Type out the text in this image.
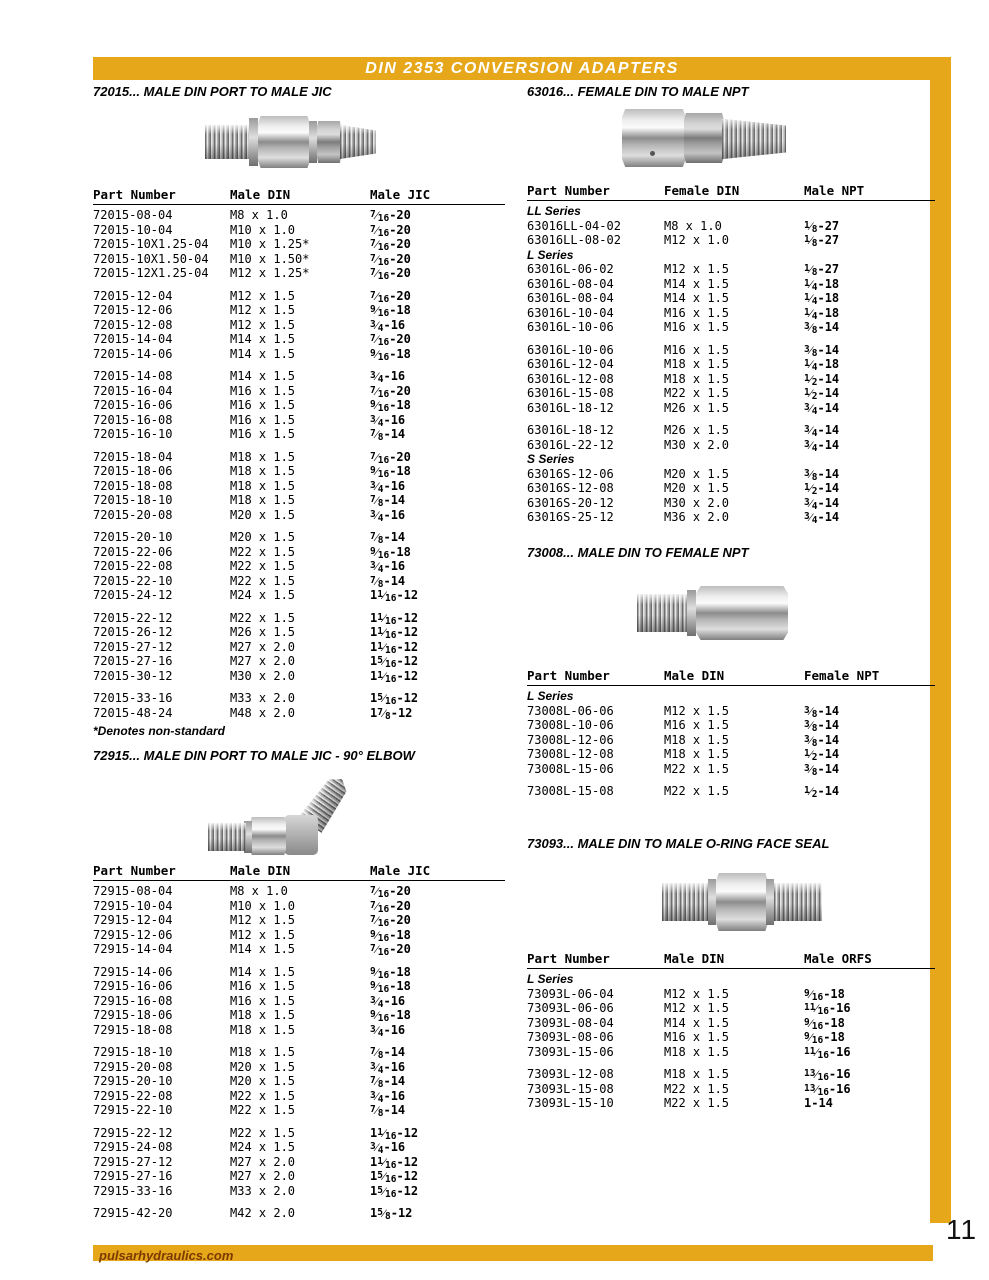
DIN 2353 CONVERSION ADAPTERS
72015... MALE DIN PORT TO MALE JIC
Part Number	Male DIN	Male JIC
72015-08-04	M8 x 1.0	$^7⁄_{16}-20$
72015-10-04	M10 x 1.0	$^7⁄_{16}-20$
72015-10X1.25-04	M10 x 1.25*	$^7⁄_{16}-20$
72015-10X1.50-04	M10 x 1.50*	$^7⁄_{16}-20$
72015-12X1.25-04	M12 x 1.25*	$^7⁄_{16}-20$
72015-12-04	M12 x 1.5	$^7⁄_{16}-20$
72015-12-06	M12 x 1.5	$^9⁄_{16}-18$
72015-12-08	M12 x 1.5	$^3⁄_4-16$
72015-14-04	M14 x 1.5	$^7⁄_{16}-20$
72015-14-06	M14 x 1.5	$^9⁄_{16}-18$
72015-14-08	M14 x 1.5	$^3⁄_4-16$
72015-16-04	M16 x 1.5	$^7⁄_{16}-20$
72015-16-06	M16 x 1.5	$^9⁄_{16}-18$
72015-16-08	M16 x 1.5	$^3⁄_4-16$
72015-16-10	M16 x 1.5	$^7⁄_8-14$
72015-18-04	M18 x 1.5	$^7⁄_{16}-20$
72015-18-06	M18 x 1.5	$^9⁄_{16}-18$
72015-18-08	M18 x 1.5	$^3⁄_4-16$
72015-18-10	M18 x 1.5	$^7⁄_8-14$
72015-20-08	M20 x 1.5	$^3⁄_4-16$
72015-20-10	M20 x 1.5	$^7⁄_8-14$
72015-22-06	M22 x 1.5	$^9⁄_{16}-18$
72015-22-08	M22 x 1.5	$^3⁄_4-16$
72015-22-10	M22 x 1.5	$^7⁄_8-14$
72015-24-12	M24 x 1.5	$1^1⁄_{16}-12$
72015-22-12	M22 x 1.5	$1^1⁄_{16}-12$
72015-26-12	M26 x 1.5	$1^1⁄_{16}-12$
72015-27-12	M27 x 2.0	$1^1⁄_{16}-12$
72015-27-16	M27 x 2.0	$1^5⁄_{16}-12$
72015-30-12	M30 x 2.0	$1^1⁄_{16}-12$
72015-33-16	M33 x 2.0	$1^5⁄_{16}-12$
72015-48-24	M48 x 2.0	$1^7⁄_8-12$
*Denotes non-standard
72915... MALE DIN PORT TO MALE JIC - 90° ELBOW
Part Number	Male DIN	Male JIC
72915-08-04	M8 x 1.0	$^7⁄_{16}-20$
72915-10-04	M10 x 1.0	$^7⁄_{16}-20$
72915-12-04	M12 x 1.5	$^7⁄_{16}-20$
72915-12-06	M12 x 1.5	$^9⁄_{16}-18$
72915-14-04	M14 x 1.5	$^7⁄_{16}-20$
72915-14-06	M14 x 1.5	$^9⁄_{16}-18$
72915-16-06	M16 x 1.5	$^9⁄_{16}-18$
72915-16-08	M16 x 1.5	$^3⁄_4-16$
72915-18-06	M18 x 1.5	$^9⁄_{16}-18$
72915-18-08	M18 x 1.5	$^3⁄_4-16$
72915-18-10	M18 x 1.5	$^7⁄_8-14$
72915-20-08	M20 x 1.5	$^3⁄_4-16$
72915-20-10	M20 x 1.5	$^7⁄_8-14$
72915-22-08	M22 x 1.5	$^3⁄_4-16$
72915-22-10	M22 x 1.5	$^7⁄_8-14$
72915-22-12	M22 x 1.5	$1^1⁄_{16}-12$
72915-24-08	M24 x 1.5	$^3⁄_4-16$
72915-27-12	M27 x 2.0	$1^1⁄_{16}-12$
72915-27-16	M27 x 2.0	$1^5⁄_{16}-12$
72915-33-16	M33 x 2.0	$1^5⁄_{16}-12$
72915-42-20	M42 x 2.0	$1^5⁄_8-12$
63016... FEMALE DIN TO MALE NPT
Part Number	Female DIN	Male NPT
LL Series
63016LL-04-02	M8 x 1.0	$^1⁄_8-27$
63016LL-08-02	M12 x 1.0	$^1⁄_8-27$
L Series
63016L-06-02	M12 x 1.5	$^1⁄_8-27$
63016L-08-04	M14 x 1.5	$^1⁄_4-18$
63016L-08-04	M14 x 1.5	$^1⁄_4-18$
63016L-10-04	M16 x 1.5	$^1⁄_4-18$
63016L-10-06	M16 x 1.5	$^3⁄_8-14$
63016L-10-06	M16 x 1.5	$^3⁄_8-14$
63016L-12-04	M18 x 1.5	$^1⁄_4-18$
63016L-12-08	M18 x 1.5	$^1⁄_2-14$
63016L-15-08	M22 x 1.5	$^1⁄_2-14$
63016L-18-12	M26 x 1.5	$^3⁄_4-14$
63016L-18-12	M26 x 1.5	$^3⁄_4-14$
63016L-22-12	M30 x 2.0	$^3⁄_4-14$
S Series
63016S-12-06	M20 x 1.5	$^3⁄_8-14$
63016S-12-08	M20 x 1.5	$^1⁄_2-14$
63016S-20-12	M30 x 2.0	$^3⁄_4-14$
63016S-25-12	M36 x 2.0	$^3⁄_4-14$
73008... MALE DIN TO FEMALE NPT
Part Number	Male DIN	Female NPT
L Series
73008L-06-06	M12 x 1.5	$^3⁄_8-14$
73008L-10-06	M16 x 1.5	$^3⁄_8-14$
73008L-12-06	M18 x 1.5	$^3⁄_8-14$
73008L-12-08	M18 x 1.5	$^1⁄_2-14$
73008L-15-06	M22 x 1.5	$^3⁄_8-14$
73008L-15-08	M22 x 1.5	$^1⁄_2-14$
73093... MALE DIN TO MALE O-RING FACE SEAL
Part Number	Male DIN	Male ORFS
L Series
73093L-06-04	M12 x 1.5	$^9⁄_{16}-18$
73093L-06-06	M12 x 1.5	$^{11}⁄_{16}-16$
73093L-08-04	M14 x 1.5	$^9⁄_{16}-18$
73093L-08-06	M16 x 1.5	$^9⁄_{16}-18$
73093L-15-06	M18 x 1.5	$^{11}⁄_{16}-16$
73093L-12-08	M18 x 1.5	$^{13}⁄_{16}-16$
73093L-15-08	M22 x 1.5	$^{13}⁄_{16}-16$
73093L-15-10	M22 x 1.5	1-14
pulsarhydraulics.com
11
